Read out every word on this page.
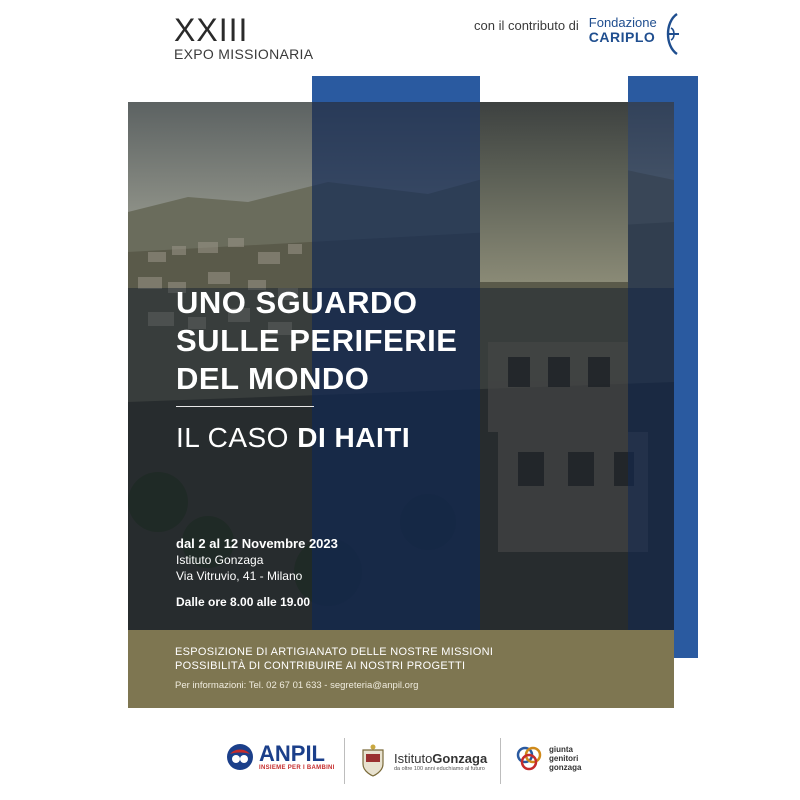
XXIII
EXPO MISSIONARIA
con il contributo di Fondazione
CARIPLO
UNO SGUARDO
SULLE PERIFERIE
DEL MONDO
IL CASO DI HAITI
dal 2 al 12 Novembre 2023
Istituto Gonzaga
Via Vitruvio, 41 - Milano
Dalle ore 8.00 alle 19.00
ESPOSIZIONE DI ARTIGIANATO DELLE NOSTRE MISSIONI
POSSIBILITÀ DI CONTRIBUIRE AI NOSTRI PROGETTI
Per informazioni: Tel. 02 67 01 633 - segreteria@anpil.org
ANPIL
INSIEME PER I BAMBINI
IstitutoGonzaga
da oltre 100 anni educhiamo al futuro
giunta
genitori
gonzaga
